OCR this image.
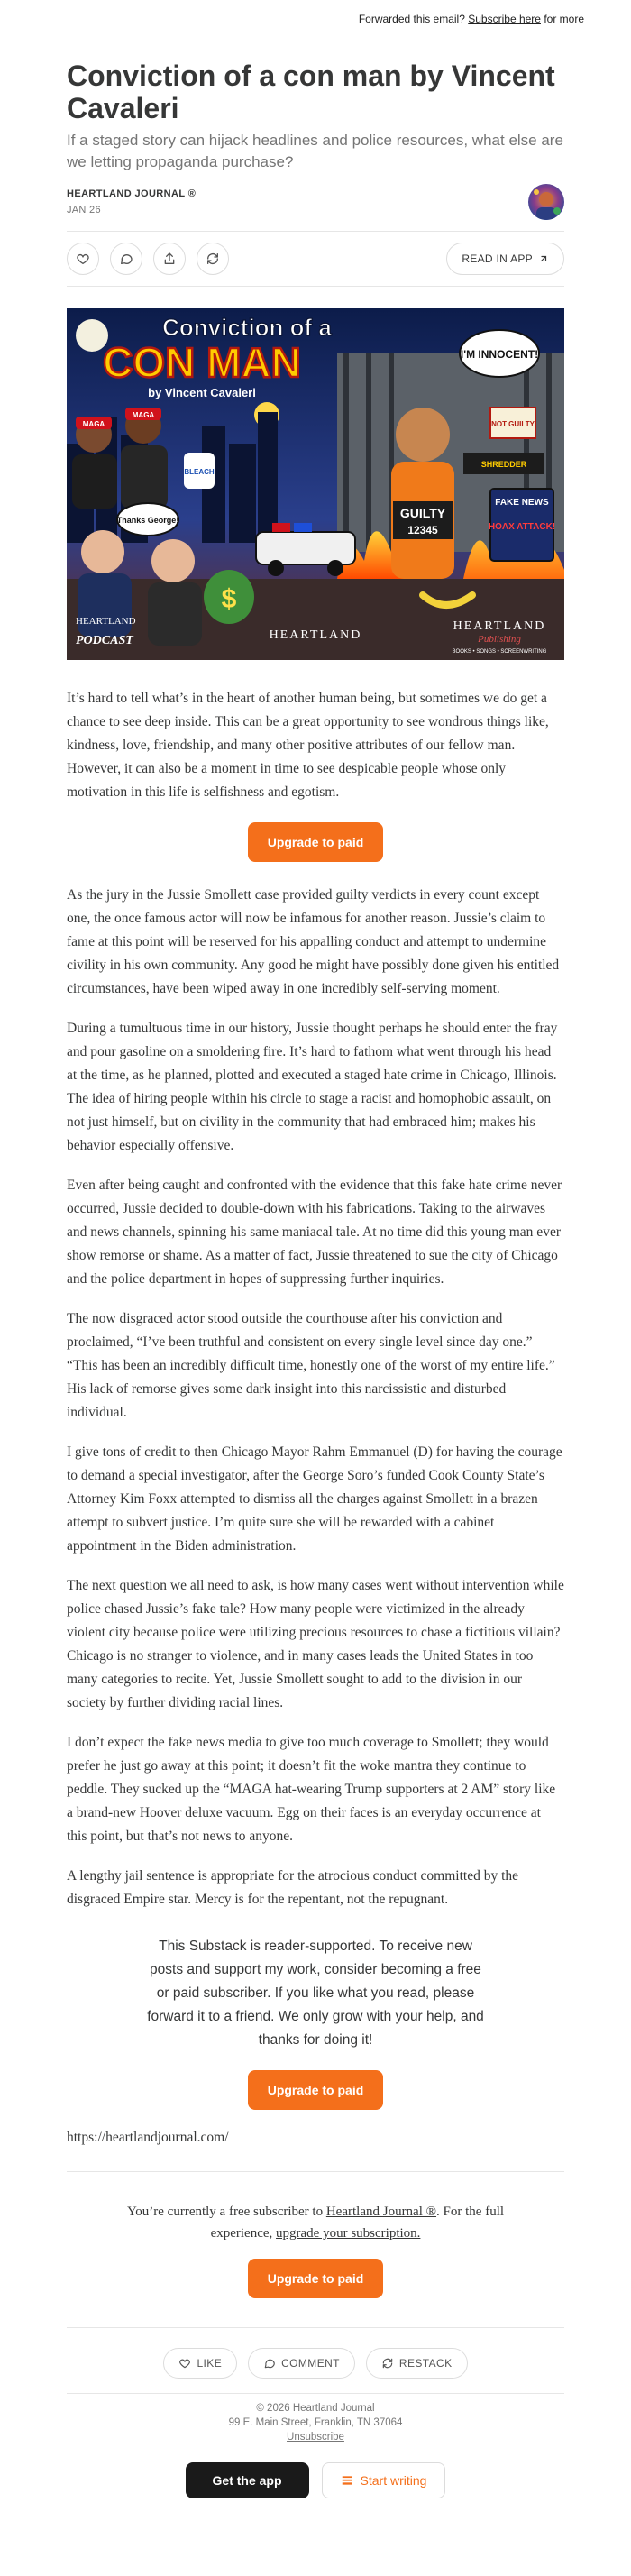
Forwarded this email? Subscribe here for more
Conviction of a con man by Vincent Cavaleri
If a staged story can hijack headlines and police resources, what else are we letting propaganda purchase?
HEARTLAND JOURNAL ®
JAN 26
READ IN APP
Conviction of a
CON MAN
by Vincent Cavaleri
MAGA
MAGA
BLEACH
GUILTY
12345
I'M INNOCENT!
NOT GUILTY
SHREDDER
FAKE NEWS
HOAX ATTACK!
Thanks George!
$
HEARTLAND
PODCAST	HEARTLAND
HEARTLAND
Publishing
BOOKS • SONGS • SCREENWRITING

It’s hard to tell what’s in the heart of another human being, but sometimes we do get a chance to see deep inside. This can be a great opportunity to see wondrous things like, kindness, love, friendship, and many other positive attributes of our fellow man. However, it can also be a moment in time to see despicable people whose only motivation in this life is selfishness and egotism.

Upgrade to paid

As the jury in the Jussie Smollett case provided guilty verdicts in every count except one, the once famous actor will now be infamous for another reason. Jussie’s claim to fame at this point will be reserved for his appalling conduct and attempt to undermine civility in his own community. Any good he might have possibly done given his entitled circumstances, have been wiped away in one incredibly self-serving moment.

During a tumultuous time in our history, Jussie thought perhaps he should enter the fray and pour gasoline on a smoldering fire. It’s hard to fathom what went through his head at the time, as he planned, plotted and executed a staged hate crime in Chicago, Illinois. The idea of hiring people within his circle to stage a racist and homophobic assault, on not just himself, but on civility in the community that had embraced him; makes his behavior especially offensive.

Even after being caught and confronted with the evidence that this fake hate crime never occurred, Jussie decided to double-down with his fabrications. Taking to the airwaves and news channels, spinning his same maniacal tale. At no time did this young man ever show remorse or shame. As a matter of fact, Jussie threatened to sue the city of Chicago and the police department in hopes of suppressing further inquiries.

The now disgraced actor stood outside the courthouse after his conviction and proclaimed, “I’ve been truthful and consistent on every single level since day one.” “This has been an incredibly difficult time, honestly one of the worst of my entire life.” His lack of remorse gives some dark insight into this narcissistic and disturbed individual.

I give tons of credit to then Chicago Mayor Rahm Emmanuel (D) for having the courage to demand a special investigator, after the George Soro’s funded Cook County State’s Attorney Kim Foxx attempted to dismiss all the charges against Smollett in a brazen attempt to subvert justice. I’m quite sure she will be rewarded with a cabinet appointment in the Biden administration.

The next question we all need to ask, is how many cases went without intervention while police chased Jussie’s fake tale? How many people were victimized in the already violent city because police were utilizing precious resources to chase a fictitious villain? Chicago is no stranger to violence, and in many cases leads the United States in too many categories to recite. Yet, Jussie Smollett sought to add to the division in our society by further dividing racial lines.

I don’t expect the fake news media to give too much coverage to Smollett; they would prefer he just go away at this point; it doesn’t fit the woke mantra they continue to peddle. They sucked up the “MAGA hat-wearing Trump supporters at 2 AM” story like a brand-new Hoover deluxe vacuum. Egg on their faces is an everyday occurrence at this point, but that’s not news to anyone.

A lengthy jail sentence is appropriate for the atrocious conduct committed by the disgraced Empire star. Mercy is for the repentant, not the repugnant.

This Substack is reader-supported. To receive new posts and support my work, consider becoming a free or paid subscriber. If you like what you read, please forward it to a friend. We only grow with your help, and thanks for doing it!
Upgrade to paid
https://heartlandjournal.com/
You’re currently a free subscriber to Heartland Journal ®. For the full experience, upgrade your subscription.
Upgrade to paid
LIKE	COMMENT	RESTACK
© 2026 Heartland Journal
99 E. Main Street, Franklin, TN 37064
Unsubscribe
Get the app	Start writing
